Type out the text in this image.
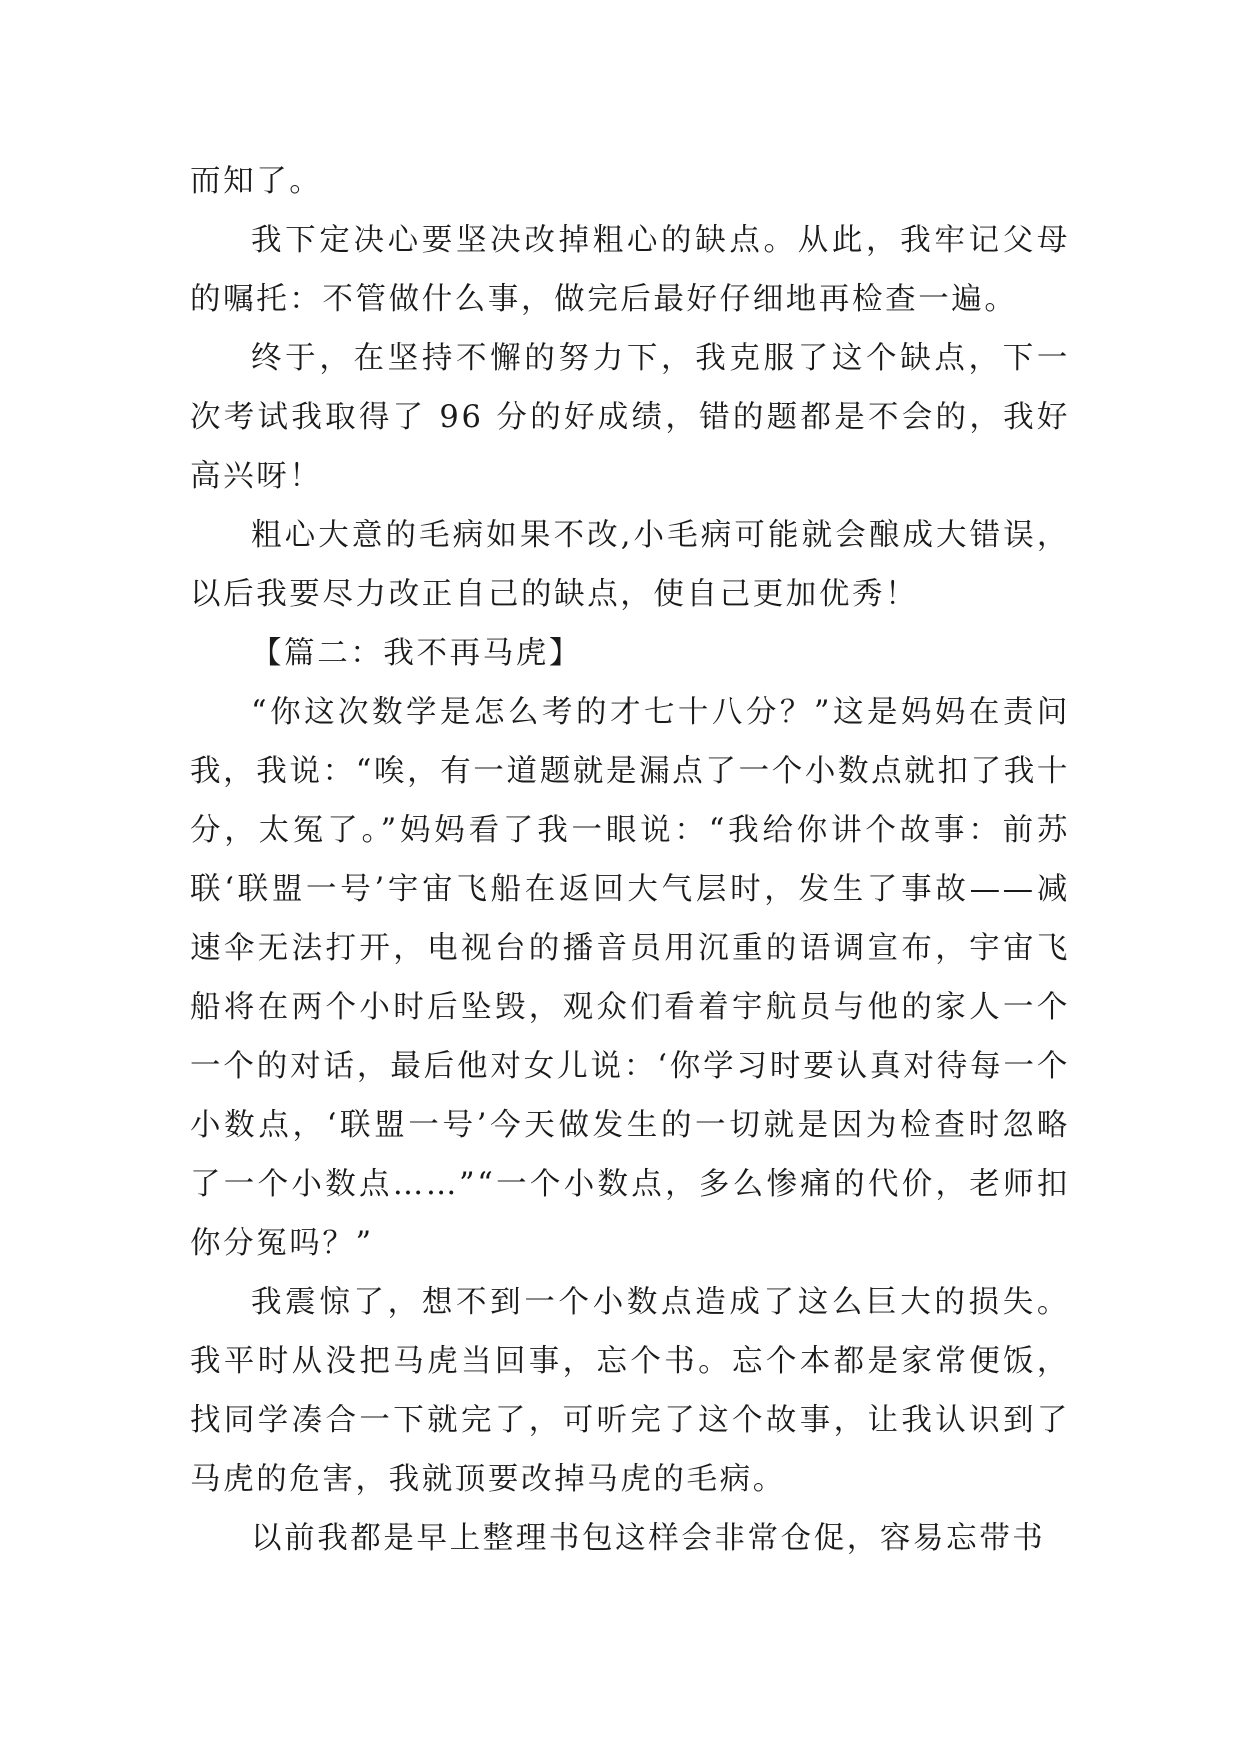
而知了。

我下定决心要坚决改掉粗心的缺点。从此，我牢记父母的嘱托：不管做什么事，做完后最好仔细地再检查一遍。

终于，在坚持不懈的努力下，我克服了这个缺点，下一次考试我取得了 96 分的好成绩，错的题都是不会的，我好高兴呀！

粗心大意的毛病如果不改,小毛病可能就会酿成大错误，以后我要尽力改正自己的缺点，使自己更加优秀！

【篇二：我不再马虎】

“你这次数学是怎么考的才七十八分？”这是妈妈在责问我，我说：“唉，有一道题就是漏点了一个小数点就扣了我十分，太冤了。”妈妈看了我一眼说：“我给你讲个故事：前苏联‘联盟一号’宇宙飞船在返回大气层时，发生了事故——减速伞无法打开，电视台的播音员用沉重的语调宣布，宇宙飞船将在两个小时后坠毁，观众们看着宇航员与他的家人一个一个的对话，最后他对女儿说：‘你学习时要认真对待每一个小数点，‘联盟一号’今天做发生的一切就是因为检查时忽略了一个小数点……”“一个小数点，多么惨痛的代价，老师扣你分冤吗？”

我震惊了，想不到一个小数点造成了这么巨大的损失。我平时从没把马虎当回事，忘个书。忘个本都是家常便饭，找同学凑合一下就完了，可听完了这个故事，让我认识到了马虎的危害，我就顶要改掉马虎的毛病。

以前我都是早上整理书包这样会非常仓促，容易忘带书
